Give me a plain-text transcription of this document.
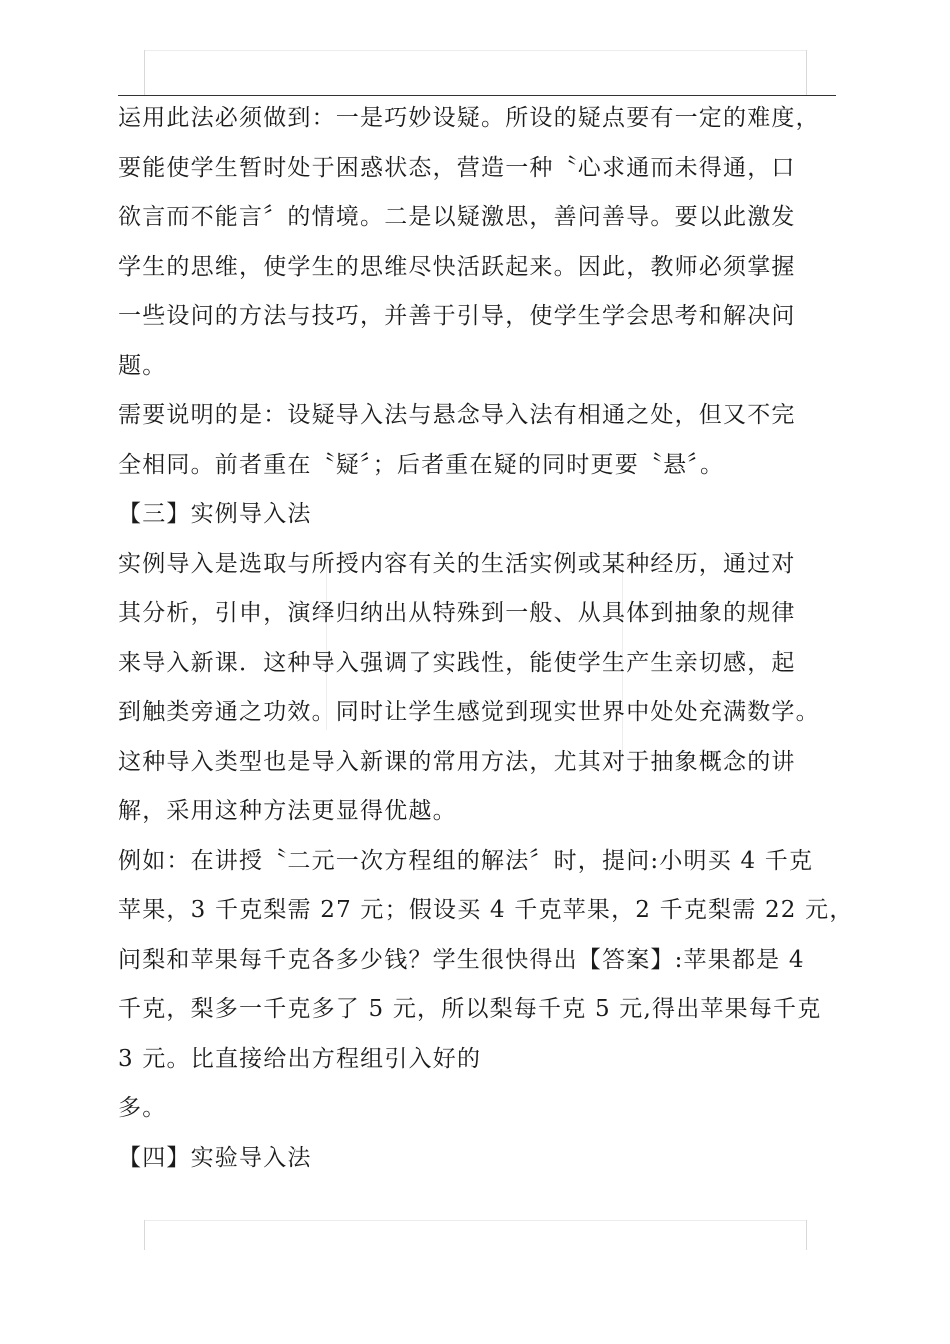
运用此法必须做到：一是巧妙设疑。所设的疑点要有一定的难度，
要能使学生暂时处于困惑状态，营造一种〝心求通而未得通，口
欲言而不能言〞的情境。二是以疑激思，善问善导。要以此激发
学生的思维，使学生的思维尽快活跃起来。因此，教师必须掌握
一些设问的方法与技巧，并善于引导，使学生学会思考和解决问
题。
需要说明的是：设疑导入法与悬念导入法有相通之处，但又不完
全相同。前者重在〝疑〞；后者重在疑的同时更要〝悬〞。
【三】实例导入法
实例导入是选取与所授内容有关的生活实例或某种经历，通过对
其分析，引申，演绎归纳出从特殊到一般、从具体到抽象的规律
来导入新课．这种导入强调了实践性，能使学生产生亲切感，起
到触类旁通之功效。同时让学生感觉到现实世界中处处充满数学。
这种导入类型也是导入新课的常用方法，尤其对于抽象概念的讲
解，采用这种方法更显得优越。
例如：在讲授〝二元一次方程组的解法〞时，提问:小明买 4 千克
苹果，3 千克梨需 27 元；假设买 4 千克苹果，2 千克梨需 22 元，
问梨和苹果每千克各多少钱？学生很快得出【答案】:苹果都是 4
千克，梨多一千克多了 5 元，所以梨每千克 5 元,得出苹果每千克
3 元。比直接给出方程组引入好的
多。
【四】实验导入法
